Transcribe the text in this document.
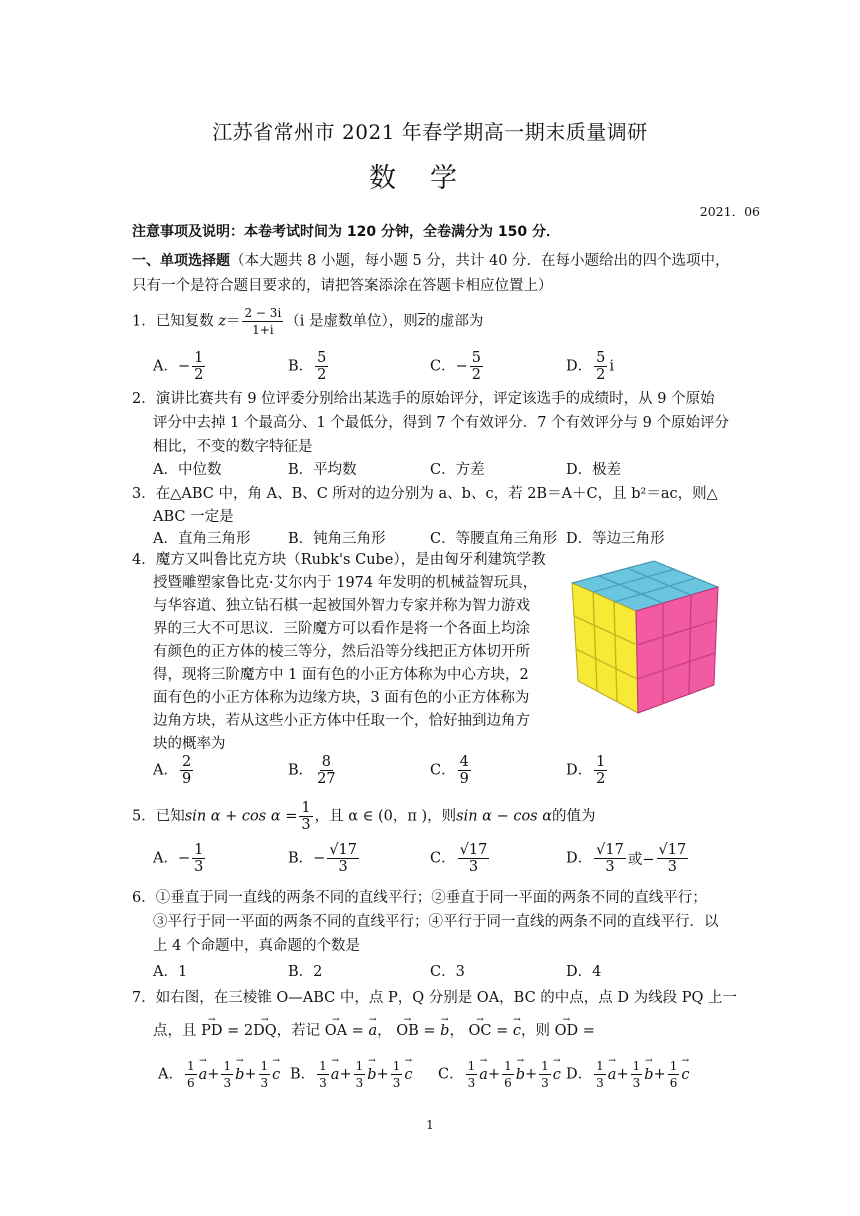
江苏省常州市 2021 年春学期高一期末质量调研
数学
2021．06
注意事项及说明：本卷考试时间为 120 分钟，全卷满分为 150 分．
一、单项选择题（本大题共 8 小题，每小题 5 分，共计 40 分．在每小题给出的四个选项中，
只有一个是符合题目要求的，请把答案添涂在答题卡相应位置上）
1．已知复数 $z= \frac{2 - 3i}{1+i} (i$ 是虚数单位），则$\overline{z}$的虚部为
A．− $\frac{1}{2}$	B． $\frac{5}{2}$	C．− $\frac{5}{2}$	D． $\frac{5}{2}$ i
2．演讲比赛共有 9 位评委分别给出某选手的原始评分，评定该选手的成绩时，从 9 个原始
评分中去掉 1 个最高分、1 个最低分，得到 7 个有效评分．7 个有效评分与 9 个原始评分
相比，不变的数字特征是
A．中位数	B．平均数	C．方差	D．极差
3．在△ABC 中，角 A、B、C 所对的边分别为 a、b、c，若 2B＝A＋C，且 b²＝ac，则△
ABC 一定是
A．直角三角形	B．钝角三角形	C．等腰直角三角形 D．等边三角形
4．魔方又叫鲁比克方块（Rubk's Cube），是由匈牙利建筑学教
授暨雕塑家鲁比克·艾尔内于 1974 年发明的机械益智玩具，
与华容道、独立钻石棋一起被国外智力专家并称为智力游戏
界的三大不可思议．三阶魔方可以看作是将一个各面上均涂
有颜色的正方体的棱三等分，然后沿等分线把正方体切开所
得，现将三阶魔方中 1 面有色的小正方体称为中心方块，2
面有色的小正方体称为边缘方块，3 面有色的小正方体称为
边角方块，若从这些小正方体中任取一个，恰好抽到边角方
块的概率为
A． $\frac{2}{9}$	B． $\frac{8}{27}$	C． $\frac{4}{9}$	D． $\frac{1}{2}$
5．已知$\sin \alpha + \cos \alpha = \frac{1}{3}$ ，且 α ∈ (0，π )，则sin α − cos α的值为
A．− $\frac{1}{3}$	B．− $\frac{√17}{3}$	C． $\frac{√17}{3}$	D． $\frac{√17}{3}$ 或− $\frac{√17}{3}$
6．①垂直于同一直线的两条不同的直线平行；②垂直于同一平面的两条不同的直线平行；
③平行于同一平面的两条不同的直线平行；④平行于同一直线的两条不同的直线平行．以
上 4 个命题中，真命题的个数是
A．1	B．2	C．3	D．4
7．如右图，在三棱锥 O—ABC 中，点 P，Q 分别是 OA，BC 的中点，点 D 为线段 PQ 上一
点，且 → PD = 2→ DQ，若记 → OA = → a， → OB = → b， → OC = → c，则 → OD =
A． $\frac{1}{6} \to a+ \frac{1}{3} \to b+ \frac{1}{3} \to c$ B． $\frac{1}{3} \to a+ \frac{1}{3} \to b+ \frac{1}{3} \to c$ C． $\frac{1}{3} \to a+ \frac{1}{6} \to b+ \frac{1}{3} \to c$ D． $\frac{1}{3} \to a+ \frac{1}{3} \to b+ \frac{1}{6} \to c$
1
